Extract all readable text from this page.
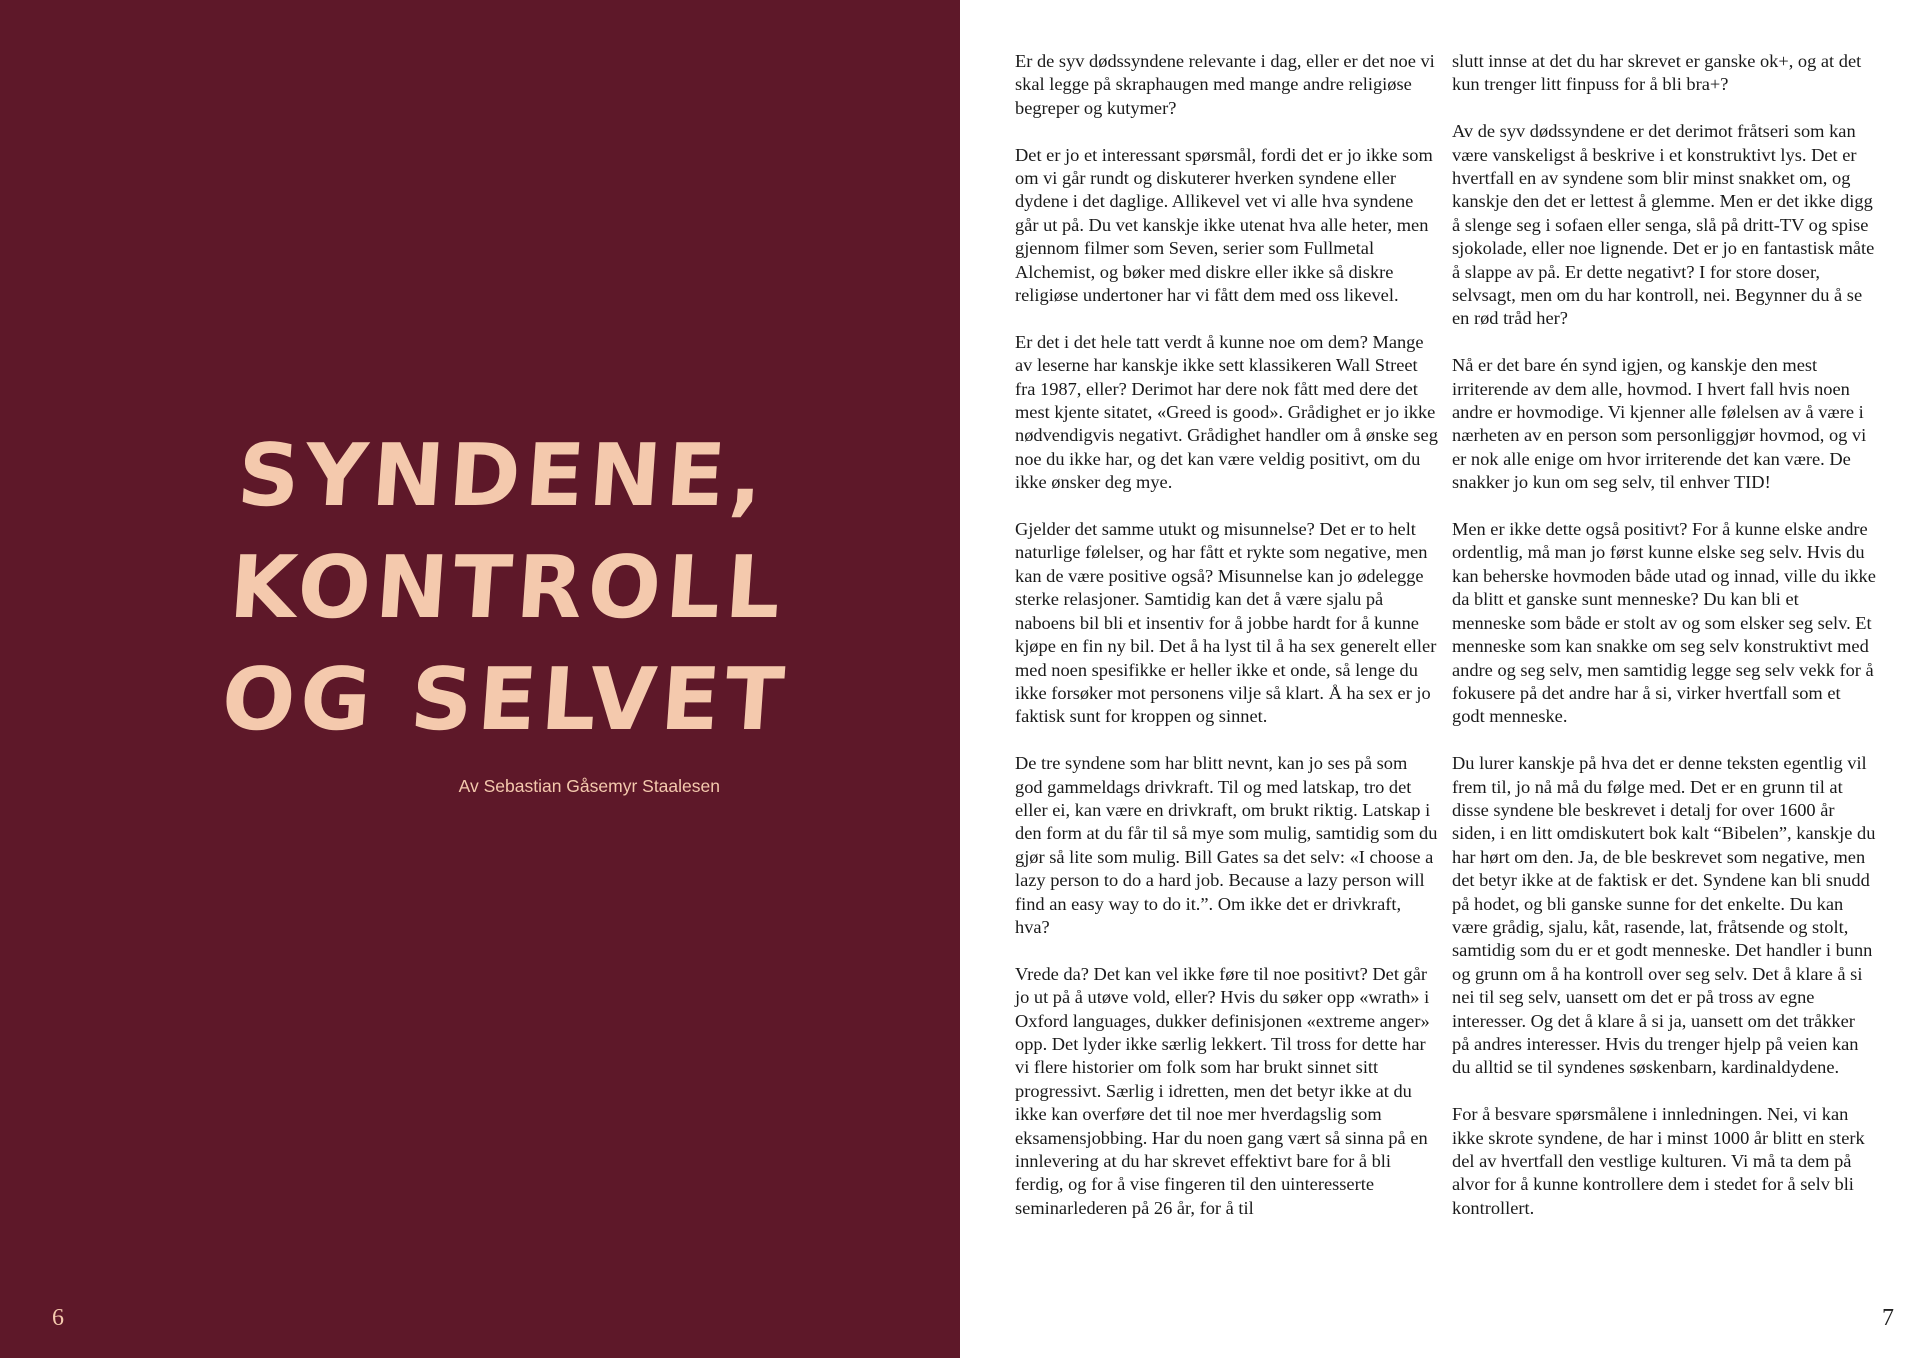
SYNDENE,
KONTROLL
OG SELVET
Av Sebastian Gåsemyr Staalesen
6

Er de syv dødssyndene relevante i dag, eller er det noe vi skal legge på skraphaugen med mange andre religiøse begreper og kutymer?

Det er jo et interessant spørsmål, fordi det er jo ikke som om vi går rundt og diskuterer hverken syndene eller dydene i det daglige. Allikevel vet vi alle hva syndene går ut på. Du vet kanskje ikke utenat hva alle heter, men gjennom filmer som Seven, serier som Fullmetal Alchemist, og bøker med diskre eller ikke så diskre religiøse undertoner har vi fått dem med oss likevel.

Er det i det hele tatt verdt å kunne noe om dem? Mange av leserne har kanskje ikke sett klassikeren Wall Street fra 1987, eller? Derimot har dere nok fått med dere det mest kjente sitatet, «Greed is good». Grådighet er jo ikke nødvendigvis negativt. Grådighet handler om å ønske seg noe du ikke har, og det kan være veldig positivt, om du ikke ønsker deg mye.

Gjelder det samme utukt og misunnelse? Det er to helt naturlige følelser, og har fått et rykte som negative, men kan de være positive også? Misunnelse kan jo ødelegge sterke relasjoner. Samtidig kan det å være sjalu på naboens bil bli et insentiv for å jobbe hardt for å kunne kjøpe en fin ny bil. Det å ha lyst til å ha sex generelt eller med noen spesifikke er heller ikke et onde, så lenge du ikke forsøker mot personens vilje så klart. Å ha sex er jo faktisk sunt for kroppen og sinnet.

De tre syndene som har blitt nevnt, kan jo ses på som god gammeldags drivkraft. Til og med latskap, tro det eller ei, kan være en drivkraft, om brukt riktig. Latskap i den form at du får til så mye som mulig, samtidig som du gjør så lite som mulig. Bill Gates sa det selv: «I choose a lazy person to do a hard job. Because a lazy person will find an easy way to do it.”. Om ikke det er drivkraft, hva?

Vrede da? Det kan vel ikke føre til noe positivt? Det går jo ut på å utøve vold, eller? Hvis du søker opp «wrath» i Oxford languages, dukker definisjonen «extreme anger» opp. Det lyder ikke særlig lekkert. Til tross for dette har vi flere historier om folk som har brukt sinnet sitt progressivt. Særlig i idretten, men det betyr ikke at du ikke kan overføre det til noe mer hverdagslig som eksamensjobbing. Har du noen gang vært så sinna på en innlevering at du har skrevet effektivt bare for å bli ferdig, og for å vise fingeren til den uinteresserte seminarlederen på 26 år, for å til

slutt innse at det du har skrevet er ganske ok+, og at det kun trenger litt finpuss for å bli bra+?

Av de syv dødssyndene er det derimot fråtseri som kan være vanskeligst å beskrive i et konstruktivt lys. Det er hvertfall en av syndene som blir minst snakket om, og kanskje den det er lettest å glemme. Men er det ikke digg å slenge seg i sofaen eller senga, slå på dritt-TV og spise sjokolade, eller noe lignende. Det er jo en fantastisk måte å slappe av på. Er dette negativt? I for store doser, selvsagt, men om du har kontroll, nei. Begynner du å se en rød tråd her?

Nå er det bare én synd igjen, og kanskje den mest irriterende av dem alle, hovmod. I hvert fall hvis noen andre er hovmodige. Vi kjenner alle følelsen av å være i nærheten av en person som personliggjør hovmod, og vi er nok alle enige om hvor irriterende det kan være. De snakker jo kun om seg selv, til enhver TID!

Men er ikke dette også positivt? For å kunne elske andre ordentlig, må man jo først kunne elske seg selv. Hvis du kan beherske hovmoden både utad og innad, ville du ikke da blitt et ganske sunt menneske? Du kan bli et menneske som både er stolt av og som elsker seg selv. Et menneske som kan snakke om seg selv konstruktivt med andre og seg selv, men samtidig legge seg selv vekk for å fokusere på det andre har å si, virker hvertfall som et godt menneske.

Du lurer kanskje på hva det er denne teksten egentlig vil frem til, jo nå må du følge med. Det er en grunn til at disse syndene ble beskrevet i detalj for over 1600 år siden, i en litt omdiskutert bok kalt “Bibelen”, kanskje du har hørt om den. Ja, de ble beskrevet som negative, men det betyr ikke at de faktisk er det. Syndene kan bli snudd på hodet, og bli ganske sunne for det enkelte. Du kan være grådig, sjalu, kåt, rasende, lat, fråtsende og stolt, samtidig som du er et godt menneske. Det handler i bunn og grunn om å ha kontroll over seg selv. Det å klare å si nei til seg selv, uansett om det er på tross av egne interesser. Og det å klare å si ja, uansett om det tråkker på andres interesser. Hvis du trenger hjelp på veien kan du alltid se til syndenes søskenbarn, kardinaldydene.

For å besvare spørsmålene i innledningen. Nei, vi kan ikke skrote syndene, de har i minst 1000 år blitt en sterk del av hvertfall den vestlige kulturen. Vi må ta dem på alvor for å kunne kontrollere dem i stedet for å selv bli kontrollert.

7
